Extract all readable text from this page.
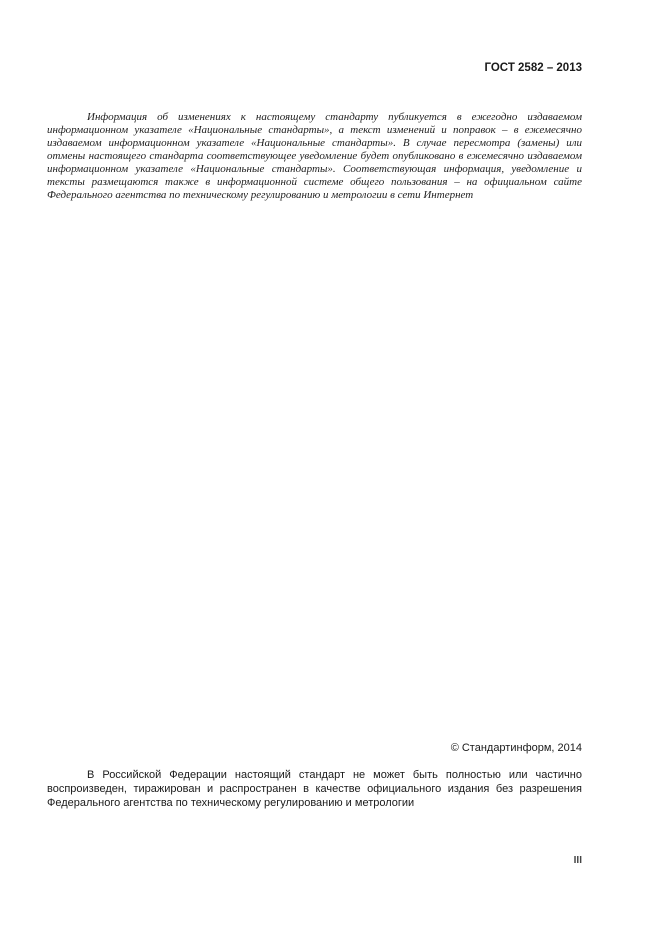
ГОСТ 2582 – 2013

Информация об изменениях к настоящему стандарту публикуется в ежегодно издаваемом информационном указателе «Национальные стандарты», а текст изменений и поправок – в ежемесячно издаваемом информационном указателе «Национальные стандарты». В случае пересмотра (замены) или отмены настоящего стандарта соответствующее уведомление будет опубликовано в ежемесячно издаваемом информационном указателе «Национальные стандарты». Соответствующая информация, уведомление и тексты размещаются также в информационной системе общего пользования – на официальном сайте Федерального агентства по техническому регулированию и метрологии в сети Интернет

© Стандартинформ, 2014

В Российской Федерации настоящий стандарт не может быть полностью или частично воспроизведен, тиражирован и распространен в качестве официального издания без разрешения Федерального агентства по техническому регулированию и метрологии

III
